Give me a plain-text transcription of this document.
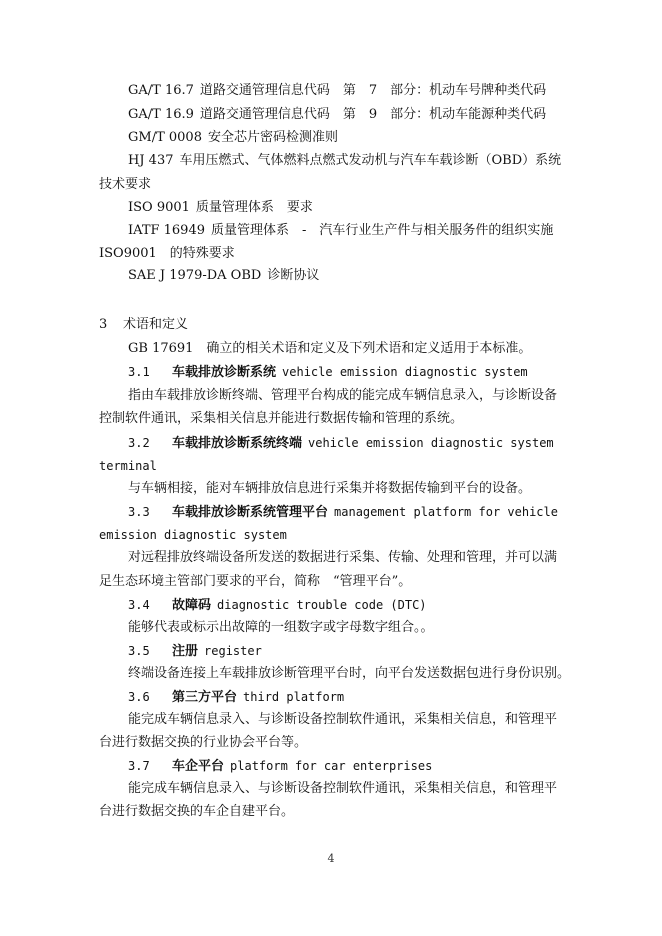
GA/T 16.7 道路交通管理信息代码　第　7　部分：机动车号牌种类代码
GA/T 16.9 道路交通管理信息代码　第　9　部分：机动车能源种类代码
GM/T 0008 安全芯片密码检测准则
HJ 437 车用压燃式、气体燃料点燃式发动机与汽车车载诊断（OBD）系统
技术要求
ISO 9001 质量管理体系　要求
IATF 16949 质量管理体系　-　汽车行业生产件与相关服务件的组织实施
ISO9001　的特殊要求
SAE J 1979-DA OBD 诊断协议
3 术语和定义
GB 17691　确立的相关术语和定义及下列术语和定义适用于本标准。
3.1 车载排放诊断系统 vehicle emission diagnostic system
指由车载排放诊断终端、管理平台构成的能完成车辆信息录入，与诊断设备
控制软件通讯，采集相关信息并能进行数据传输和管理的系统。
3.2 车载排放诊断系统终端 vehicle emission diagnostic system
terminal
与车辆相接，能对车辆排放信息进行采集并将数据传输到平台的设备。
3.3 车载排放诊断系统管理平台 management platform for vehicle
emission diagnostic system
对远程排放终端设备所发送的数据进行采集、传输、处理和管理，并可以满
足生态环境主管部门要求的平台，简称　“管理平台”。
3.4 故障码 diagnostic trouble code (DTC)
能够代表或标示出故障的一组数字或字母数字组合。。
3.5 注册 register
终端设备连接上车载排放诊断管理平台时，向平台发送数据包进行身份识别。
3.6 第三方平台 third platform
能完成车辆信息录入、与诊断设备控制软件通讯，采集相关信息，和管理平
台进行数据交换的行业协会平台等。
3.7 车企平台 platform for car enterprises
能完成车辆信息录入、与诊断设备控制软件通讯，采集相关信息，和管理平
台进行数据交换的车企自建平台。
4
